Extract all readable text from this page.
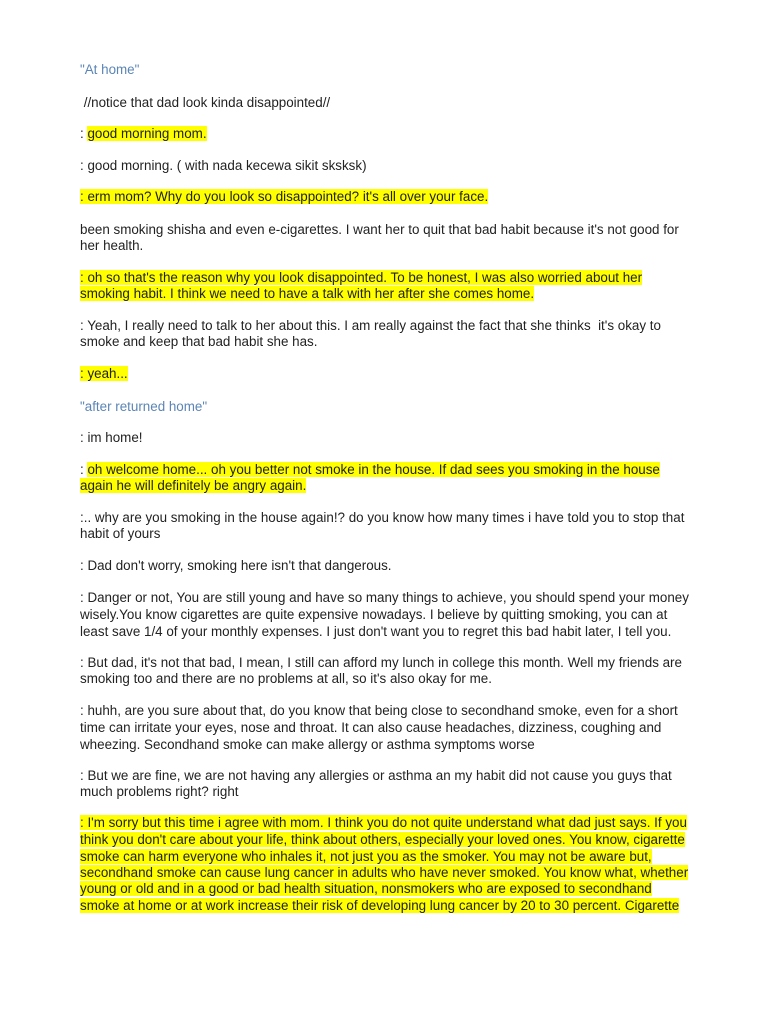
"At home"
//notice that dad look kinda disappointed//
: good morning mom.
: good morning. ( with nada kecewa sikit sksksk)
: erm mom? Why do you look so disappointed? it's all over your face.
been smoking shisha and even e-cigarettes. I want her to quit that bad habit because it's not good for
her health.
: oh so that's the reason why you look disappointed. To be honest, I was also worried about her
smoking habit. I think we need to have a talk with her after she comes home.
: Yeah, I really need to talk to her about this. I am really against the fact that she thinks  it's okay to
smoke and keep that bad habit she has.
: yeah...
"after returned home"
: im home!
: oh welcome home... oh you better not smoke in the house. If dad sees you smoking in the house
again he will definitely be angry again.
:.. why are you smoking in the house again!? do you know how many times i have told you to stop that
habit of yours
: Dad don't worry, smoking here isn't that dangerous.
: Danger or not, You are still young and have so many things to achieve, you should spend your money
wisely.You know cigarettes are quite expensive nowadays. I believe by quitting smoking, you can at
least save 1/4 of your monthly expenses. I just don't want you to regret this bad habit later, I tell you.
: But dad, it's not that bad, I mean, I still can afford my lunch in college this month. Well my friends are
smoking too and there are no problems at all, so it's also okay for me.
: huhh, are you sure about that, do you know that being close to secondhand smoke, even for a short
time can irritate your eyes, nose and throat. It can also cause headaches, dizziness, coughing and
wheezing. Secondhand smoke can make allergy or asthma symptoms worse
: But we are fine, we are not having any allergies or asthma an my habit did not cause you guys that
much problems right? right
: I'm sorry but this time i agree with mom. I think you do not quite understand what dad just says. If you
think you don't care about your life, think about others, especially your loved ones. You know, cigarette
smoke can harm everyone who inhales it, not just you as the smoker. You may not be aware but,
secondhand smoke can cause lung cancer in adults who have never smoked. You know what, whether
young or old and in a good or bad health situation, nonsmokers who are exposed to secondhand
smoke at home or at work increase their risk of developing lung cancer by 20 to 30 percent. Cigarette
